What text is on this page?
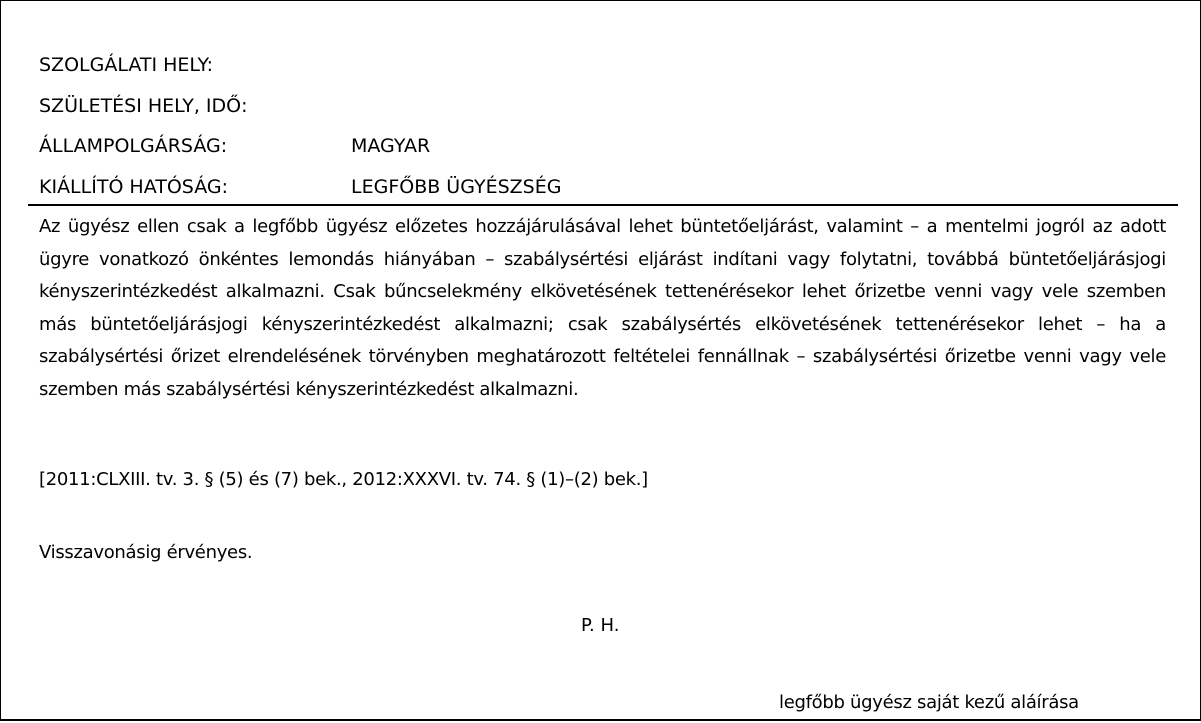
SZOLGÁLATI HELY:
SZÜLETÉSI HELY, IDŐ:
ÁLLAMPOLGÁRSÁG:	MAGYAR
KIÁLLÍTÓ HATÓSÁG:	LEGFŐBB ÜGYÉSZSÉG
Az ügyész ellen csak a legfőbb ügyész előzetes hozzájárulásával lehet büntetőeljárást, valamint – a mentelmi jogról az adott ügyre vonatkozó önkéntes lemondás hiányában – szabálysértési eljárást indítani vagy folytatni, továbbá büntetőeljárásjogi kényszerintézkedést alkalmazni. Csak bűncselekmény elkövetésének tettenérésekor lehet őrizetbe venni vagy vele szemben más büntetőeljárásjogi kényszerintézkedést alkalmazni; csak szabálysértés elkövetésének tettenérésekor lehet – ha a szabálysértési őrizet elrendelésének törvényben meghatározott feltételei fennállnak – szabálysértési őrizetbe venni vagy vele szemben más szabálysértési kényszerintézkedést alkalmazni.
[2011:CLXIII. tv. 3. § (5) és (7) bek., 2012:XXXVI. tv. 74. § (1)–(2) bek.]
Visszavonásig érvényes.
P. H.
legfőbb ügyész saját kezű aláírása
